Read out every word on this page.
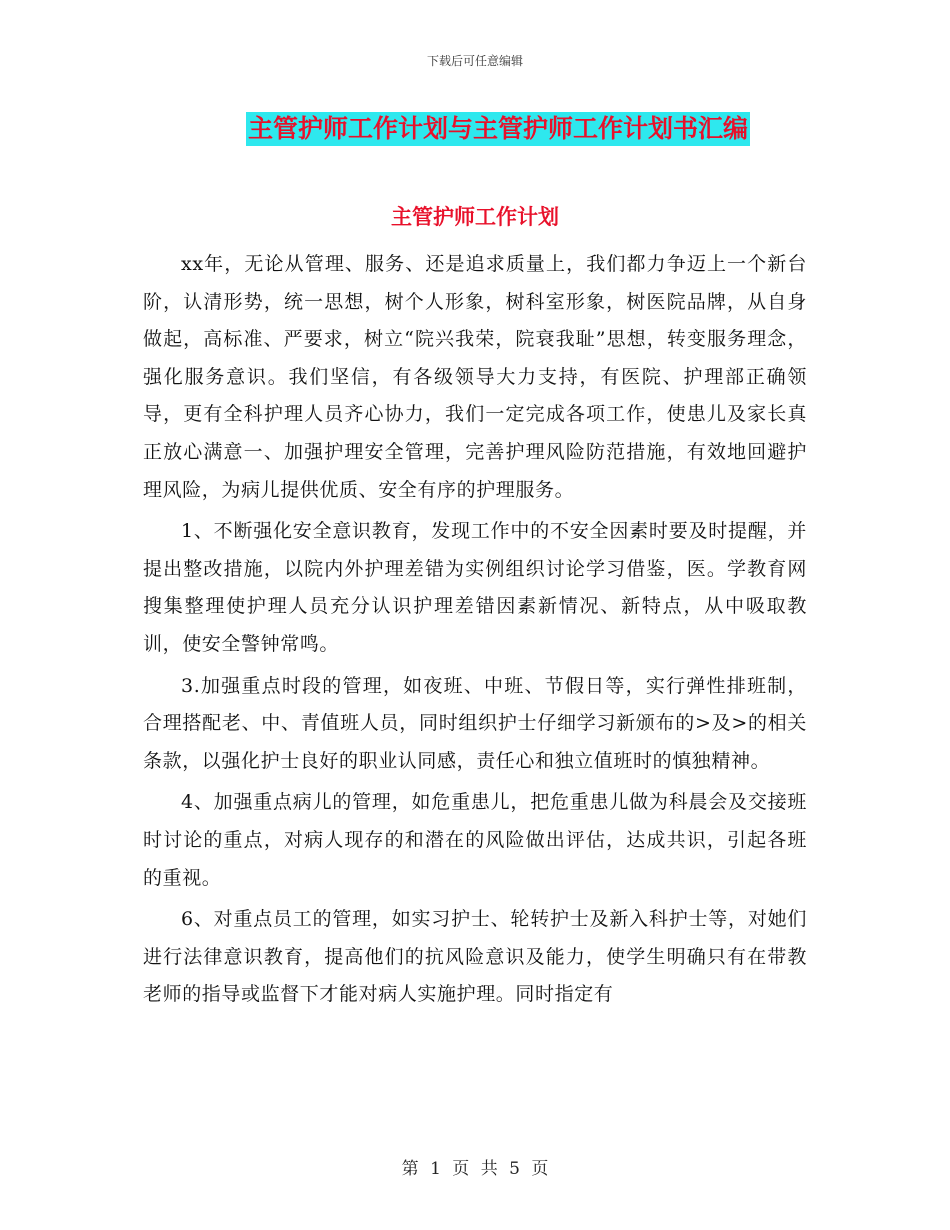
下载后可任意编辑
主管护师工作计划与主管护师工作计划书汇编
主管护师工作计划

xx年，无论从管理、服务、还是追求质量上，我们都力争迈上一个新台阶，认清形势，统一思想，树个人形象，树科室形象，树医院品牌，从自身做起，高标准、严要求，树立“院兴我荣，院衰我耻”思想，转变服务理念，强化服务意识。我们坚信，有各级领导大力支持，有医院、护理部正确领导，更有全科护理人员齐心协力，我们一定完成各项工作，使患儿及家长真正放心满意一、加强护理安全管理，完善护理风险防范措施，有效地回避护理风险，为病儿提供优质、安全有序的护理服务。

1、不断强化安全意识教育，发现工作中的不安全因素时要及时提醒，并提出整改措施，以院内外护理差错为实例组织讨论学习借鉴，医。学教育网搜集整理使护理人员充分认识护理差错因素新情况、新特点，从中吸取教训，使安全警钟常鸣。

3.加强重点时段的管理，如夜班、中班、节假日等，实行弹性排班制，合理搭配老、中、青值班人员，同时组织护士仔细学习新颁布的>及>的相关条款，以强化护士良好的职业认同感，责任心和独立值班时的慎独精神。

4、加强重点病儿的管理，如危重患儿，把危重患儿做为科晨会及交接班时讨论的重点，对病人现存的和潜在的风险做出评估，达成共识，引起各班的重视。

6、对重点员工的管理，如实习护士、轮转护士及新入科护士等，对她们进行法律意识教育，提高他们的抗风险意识及能力，使学生明确只有在带教老师的指导或监督下才能对病人实施护理。同时指定有

第 1 页 共 5 页
